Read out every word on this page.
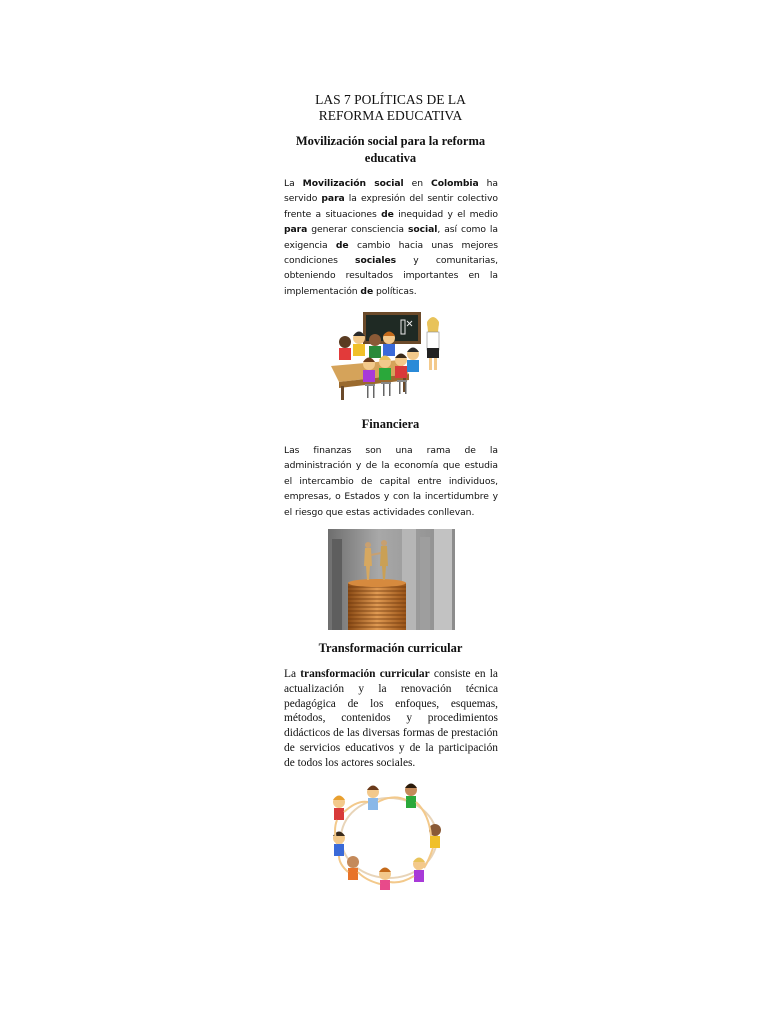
LAS 7 POLÍTICAS DE LA
REFORMA EDUCATIVA
Movilización social para la reforma
educativa

La Movilización social en Colombia ha servido para la expresión del sentir colectivo frente a situaciones de inequidad y el medio para generar consciencia social, así como la exigencia de cambio hacia unas mejores condiciones sociales y comunitarias, obteniendo resultados importantes en la implementación de políticas.

Financiera

Las finanzas son una rama de la administración y de la economía que estudia el intercambio de capital entre individuos, empresas, o Estados y con la incertidumbre y el riesgo que estas actividades conllevan.

Transformación curricular

La transformación curricular consiste en la actualización y la renovación técnica pedagógica de los enfoques, esquemas, métodos, contenidos y procedimientos didácticos de las diversas formas de prestación de servicios educativos y de la participación de todos los actores sociales.
